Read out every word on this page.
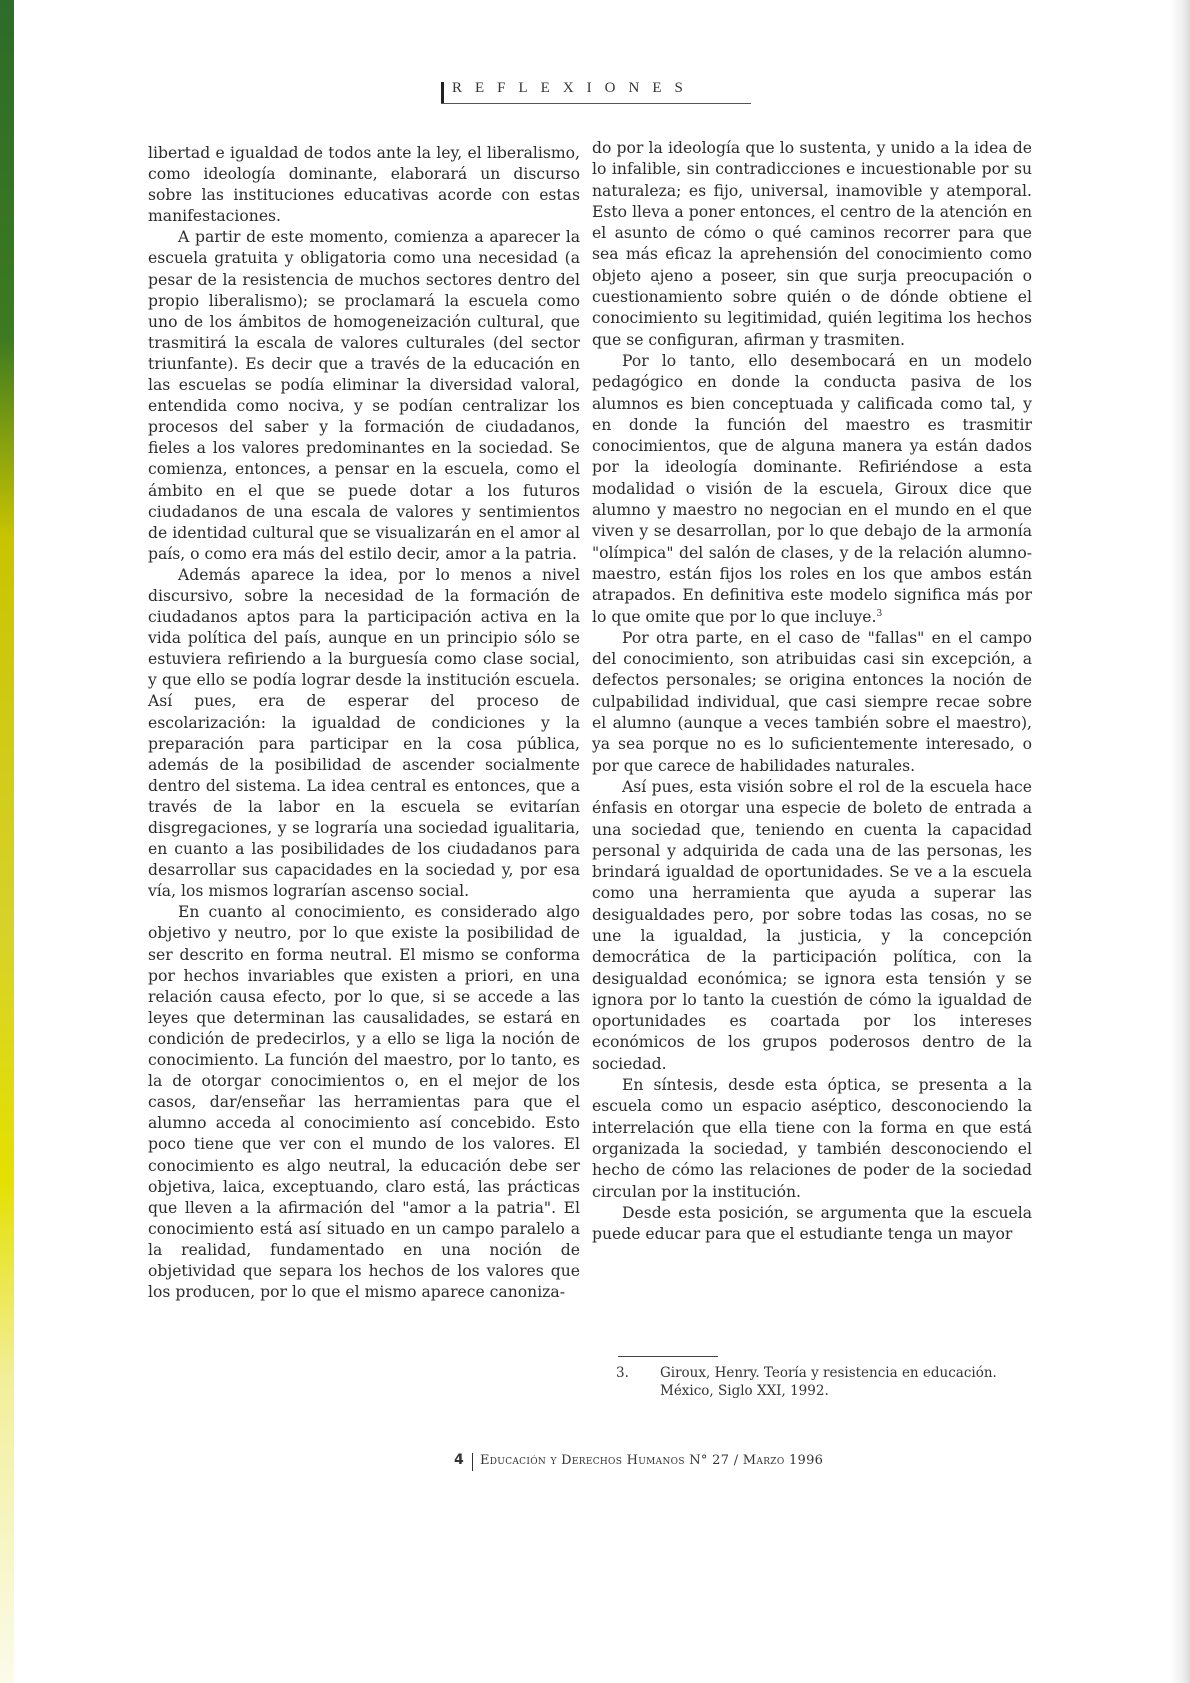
REFLEXIONES

libertad e igualdad de todos ante la ley, el liberalismo, como ideología dominante, elaborará un discurso sobre las instituciones educativas acorde con estas manifestaciones.

A partir de este momento, comienza a aparecer la escuela gratuita y obligatoria como una necesidad (a pesar de la resistencia de muchos sectores dentro del propio liberalismo); se proclamará la escuela como uno de los ámbitos de homogeneización cultural, que trasmitirá la escala de valores culturales (del sector triunfante). Es decir que a través de la educación en las escuelas se podía eliminar la diversidad valoral, entendida como nociva, y se podían centralizar los procesos del saber y la formación de ciudadanos, fieles a los valores predominantes en la sociedad. Se comienza, entonces, a pensar en la escuela, como el ámbito en el que se puede dotar a los futuros ciudadanos de una escala de valores y sentimientos de identidad cultural que se visualizarán en el amor al país, o como era más del estilo decir, amor a la patria.

Además aparece la idea, por lo menos a nivel discursivo, sobre la necesidad de la formación de ciudadanos aptos para la participación activa en la vida política del país, aunque en un principio sólo se estuviera refiriendo a la burguesía como clase social, y que ello se podía lograr desde la institución escuela. Así pues, era de esperar del proceso de escolarización: la igualdad de condiciones y la preparación para participar en la cosa pública, además de la posibilidad de ascender socialmente dentro del sistema. La idea central es entonces, que a través de la labor en la escuela se evitarían disgregaciones, y se lograría una sociedad igualitaria, en cuanto a las posibilidades de los ciudadanos para desarrollar sus capacidades en la sociedad y, por esa vía, los mismos lograrían ascenso social.

En cuanto al conocimiento, es considerado algo objetivo y neutro, por lo que existe la posibilidad de ser descrito en forma neutral. El mismo se conforma por hechos invariables que existen a priori, en una relación causa efecto, por lo que, si se accede a las leyes que determinan las causalidades, se estará en condición de predecirlos, y a ello se liga la noción de conocimiento. La función del maestro, por lo tanto, es la de otorgar conocimientos o, en el mejor de los casos, dar/enseñar las herramientas para que el alumno acceda al conocimiento así concebido. Esto poco tiene que ver con el mundo de los valores. El conocimiento es algo neutral, la educación debe ser objetiva, laica, exceptuando, claro está, las prácticas que lleven a la afirmación del "amor a la patria". El conocimiento está así situado en un campo paralelo a la realidad, fundamentado en una noción de objetividad que separa los hechos de los valores que los producen, por lo que el mismo aparece canoniza-

do por la ideología que lo sustenta, y unido a la idea de lo infalible, sin contradicciones e incuestionable por su naturaleza; es fijo, universal, inamovible y atemporal. Esto lleva a poner entonces, el centro de la atención en el asunto de cómo o qué caminos recorrer para que sea más eficaz la aprehensión del conocimiento como objeto ajeno a poseer, sin que surja preocupación o cuestionamiento sobre quién o de dónde obtiene el conocimiento su legitimidad, quién legitima los hechos que se configuran, afirman y trasmiten.

Por lo tanto, ello desembocará en un modelo pedagógico en donde la conducta pasiva de los alumnos es bien conceptuada y calificada como tal, y en donde la función del maestro es trasmitir conocimientos, que de alguna manera ya están dados por la ideología dominante. Refiriéndose a esta modalidad o visión de la escuela, Giroux dice que alumno y maestro no negocian en el mundo en el que viven y se desarrollan, por lo que debajo de la armonía "olímpica" del salón de clases, y de la relación alumno-maestro, están fijos los roles en los que ambos están atrapados. En definitiva este modelo significa más por lo que omite que por lo que incluye.$^3$

Por otra parte, en el caso de "fallas" en el campo del conocimiento, son atribuidas casi sin excepción, a defectos personales; se origina entonces la noción de culpabilidad individual, que casi siempre recae sobre el alumno (aunque a veces también sobre el maestro), ya sea porque no es lo suficientemente interesado, o por que carece de habilidades naturales.

Así pues, esta visión sobre el rol de la escuela hace énfasis en otorgar una especie de boleto de entrada a una sociedad que, teniendo en cuenta la capacidad personal y adquirida de cada una de las personas, les brindará igualdad de oportunidades. Se ve a la escuela como una herramienta que ayuda a superar las desigualdades pero, por sobre todas las cosas, no se une la igualdad, la justicia, y la concepción democrática de la participación política, con la desigualdad económica; se ignora esta tensión y se ignora por lo tanto la cuestión de cómo la igualdad de oportunidades es coartada por los intereses económicos de los grupos poderosos dentro de la sociedad.

En síntesis, desde esta óptica, se presenta a la escuela como un espacio aséptico, desconociendo la interrelación que ella tiene con la forma en que está organizada la sociedad, y también desconociendo el hecho de cómo las relaciones de poder de la sociedad circulan por la institución.

Desde esta posición, se argumenta que la escuela puede educar para que el estudiante tenga un mayor

3. Giroux, Henry. Teoría y resistencia en educación. México, Siglo XXI, 1992.
4 Educación y Derechos Humanos N° 27 / Marzo 1996
